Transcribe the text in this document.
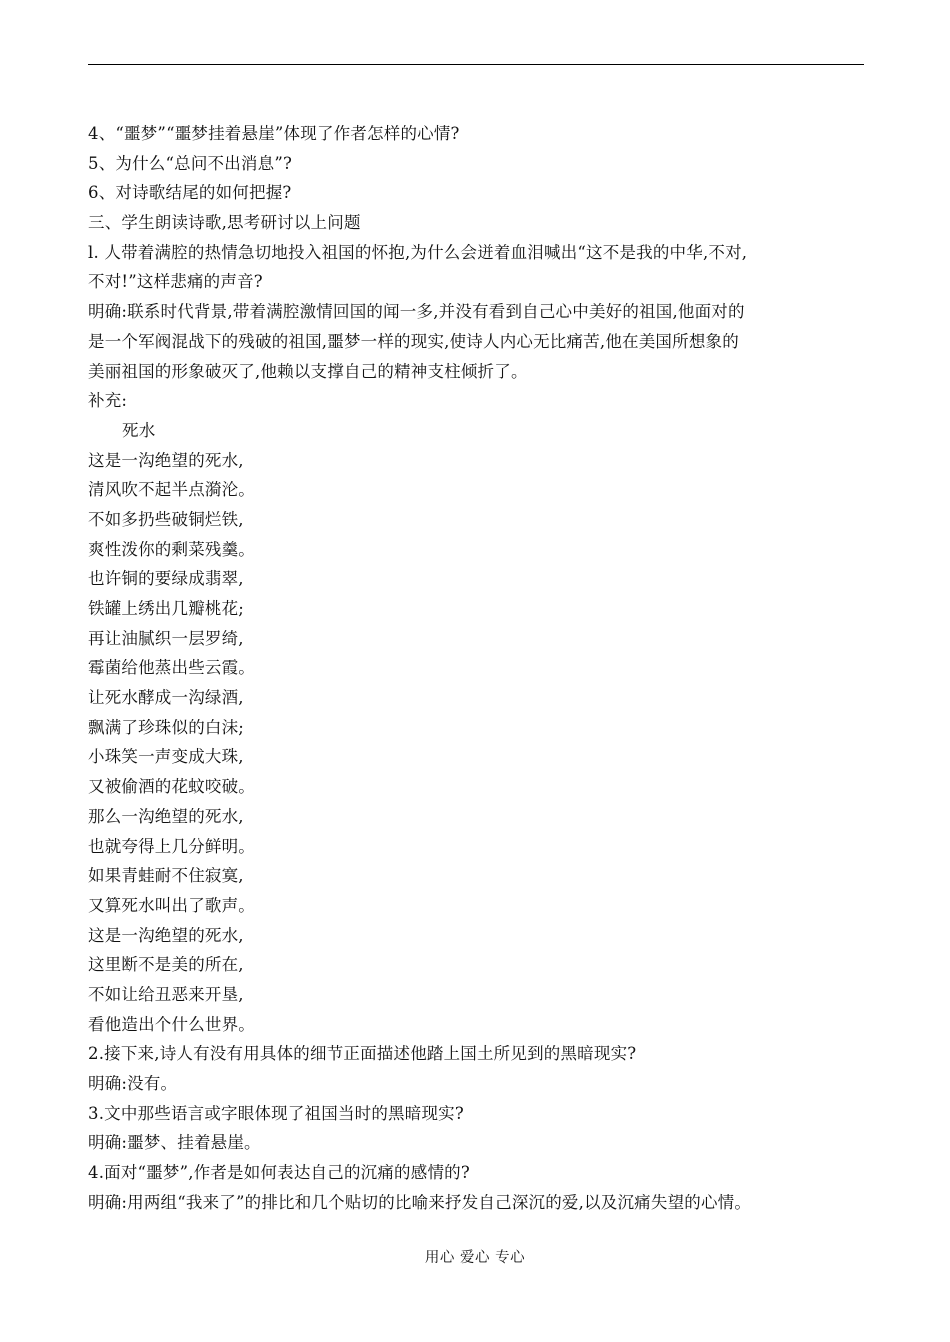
4、“噩梦”“噩梦挂着悬崖”体现了作者怎样的心情?
5、为什么“总问不出消息”?
6、对诗歌结尾的如何把握?
三、学生朗读诗歌,思考研讨以上问题
l. 人带着满腔的热情急切地投入祖国的怀抱,为什么会迸着血泪喊出“这不是我的中华,不对,
不对!”这样悲痛的声音?
明确:联系时代背景,带着满腔激情回国的闻一多,并没有看到自己心中美好的祖国,他面对的
是一个军阀混战下的残破的祖国,噩梦一样的现实,使诗人内心无比痛苦,他在美国所想象的
美丽祖国的形象破灭了,他赖以支撑自己的精神支柱倾折了。
补充:
死水
这是一沟绝望的死水,
清风吹不起半点漪沦。
不如多扔些破铜烂铁,
爽性泼你的剩菜残羹。
也许铜的要绿成翡翠,
铁罐上绣出几瓣桃花;
再让油腻织一层罗绮,
霉菌给他蒸出些云霞。
让死水酵成一沟绿酒,
飘满了珍珠似的白沫;
小珠笑一声变成大珠,
又被偷酒的花蚊咬破。
那么一沟绝望的死水,
也就夸得上几分鲜明。
如果青蛙耐不住寂寞,
又算死水叫出了歌声。
这是一沟绝望的死水,
这里断不是美的所在,
不如让给丑恶来开垦,
看他造出个什么世界。
2.接下来,诗人有没有用具体的细节正面描述他踏上国土所见到的黑暗现实?
明确:没有。
3.文中那些语言或字眼体现了祖国当时的黑暗现实?
明确:噩梦、挂着悬崖。
4.面对“噩梦”,作者是如何表达自己的沉痛的感情的?
明确:用两组“我来了”的排比和几个贴切的比喻来抒发自己深沉的爱,以及沉痛失望的心情。
用心 爱心 专心
